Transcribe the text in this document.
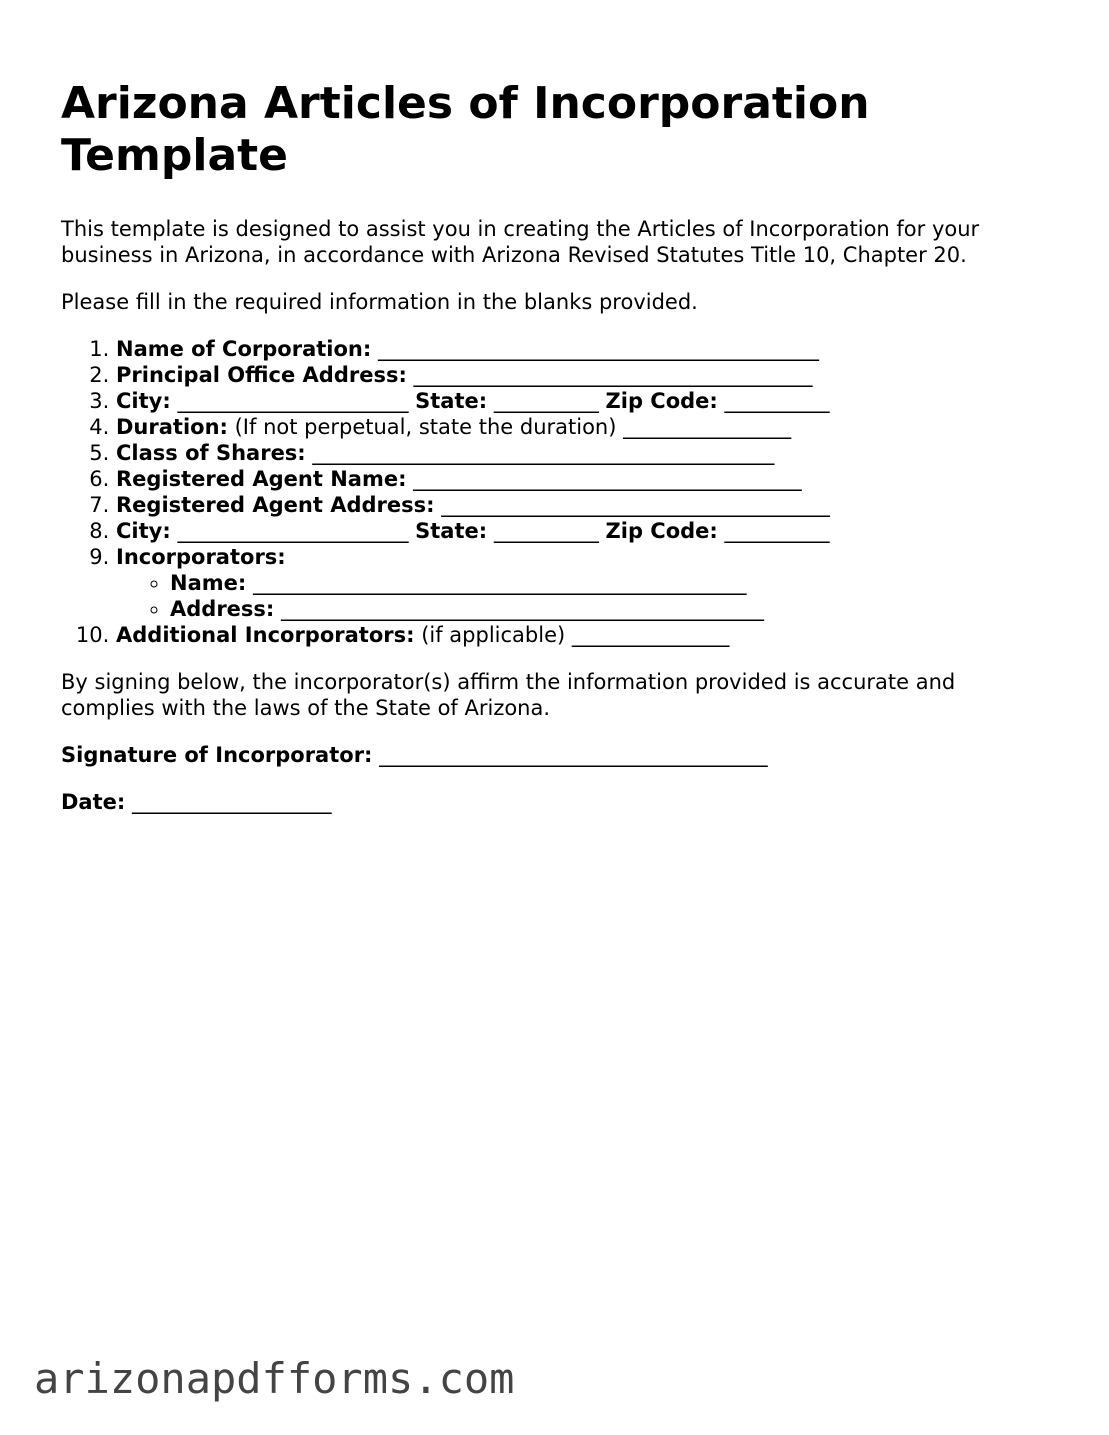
Arizona Articles of Incorporation Template

This template is designed to assist you in creating the Articles of Incorporation for your business in Arizona, in accordance with Arizona Revised Statutes Title 10, Chapter 20.

Please fill in the required information in the blanks provided.

1. Name of Corporation: __________________________________________
2. Principal Office Address: ______________________________________
3. City: ______________________ State: __________ Zip Code: __________
4. Duration: (If not perpetual, state the duration) ________________
5. Class of Shares: ____________________________________________
6. Registered Agent Name: _____________________________________
7. Registered Agent Address: _____________________________________
8. City: ______________________ State: __________ Zip Code: __________
9. Incorporators:
◦ Name: _______________________________________________
◦ Address: ______________________________________________
10. Additional Incorporators: (if applicable) _______________

By signing below, the incorporator(s) affirm the information provided is accurate and complies with the laws of the State of Arizona.

Signature of Incorporator: _____________________________________

Date: ___________________

arizonapdfforms.com
